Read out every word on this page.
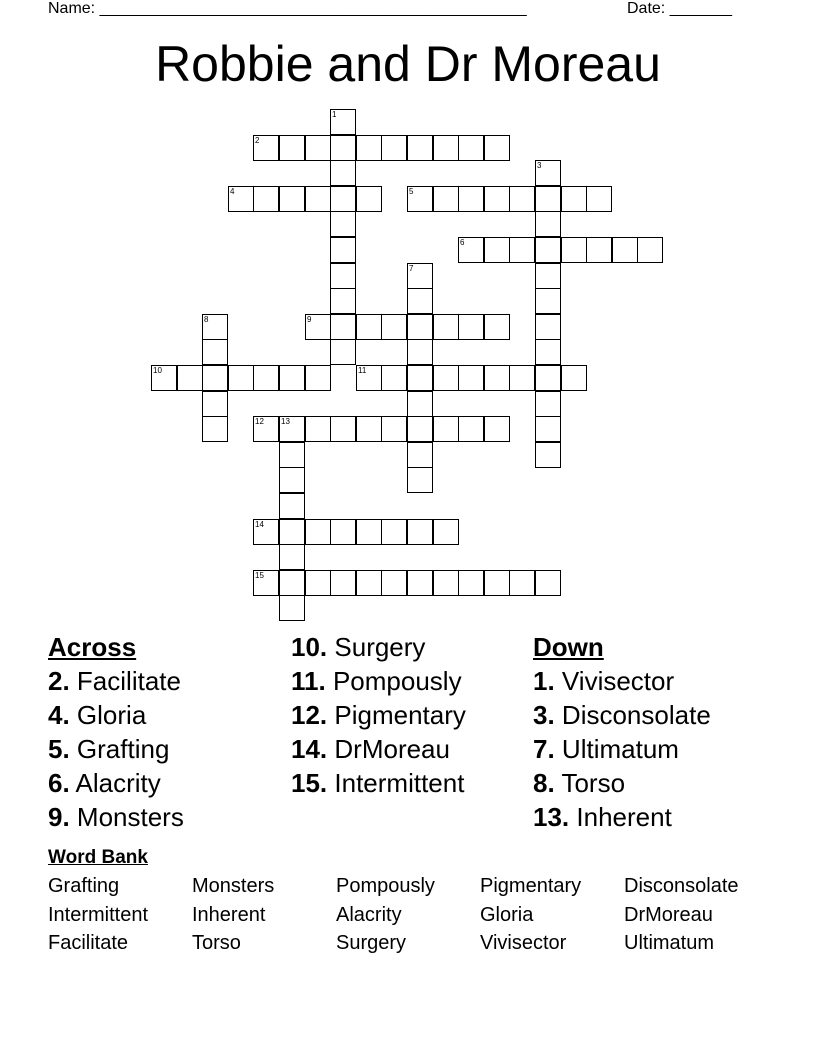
Name: ________________________________________________	Date: _______
Robbie and Dr Moreau
1
2
3
4	5
6
7
8	9
10	11
12 13
14
15
Across
2. Facilitate
4. Gloria
5. Grafting
6. Alacrity
9. Monsters
10. Surgery
11. Pompously
12. Pigmentary
14. DrMoreau
15. Intermittent
Down
1. Vivisector
3. Disconsolate
7. Ultimatum
8. Torso
13. Inherent
Word Bank
Grafting	Monsters	Pompously Pigmentary Disconsolate
Intermittent Inherent	Alacrity	Gloria	DrMoreau
Facilitate	Torso	Surgery	Vivisector	Ultimatum
